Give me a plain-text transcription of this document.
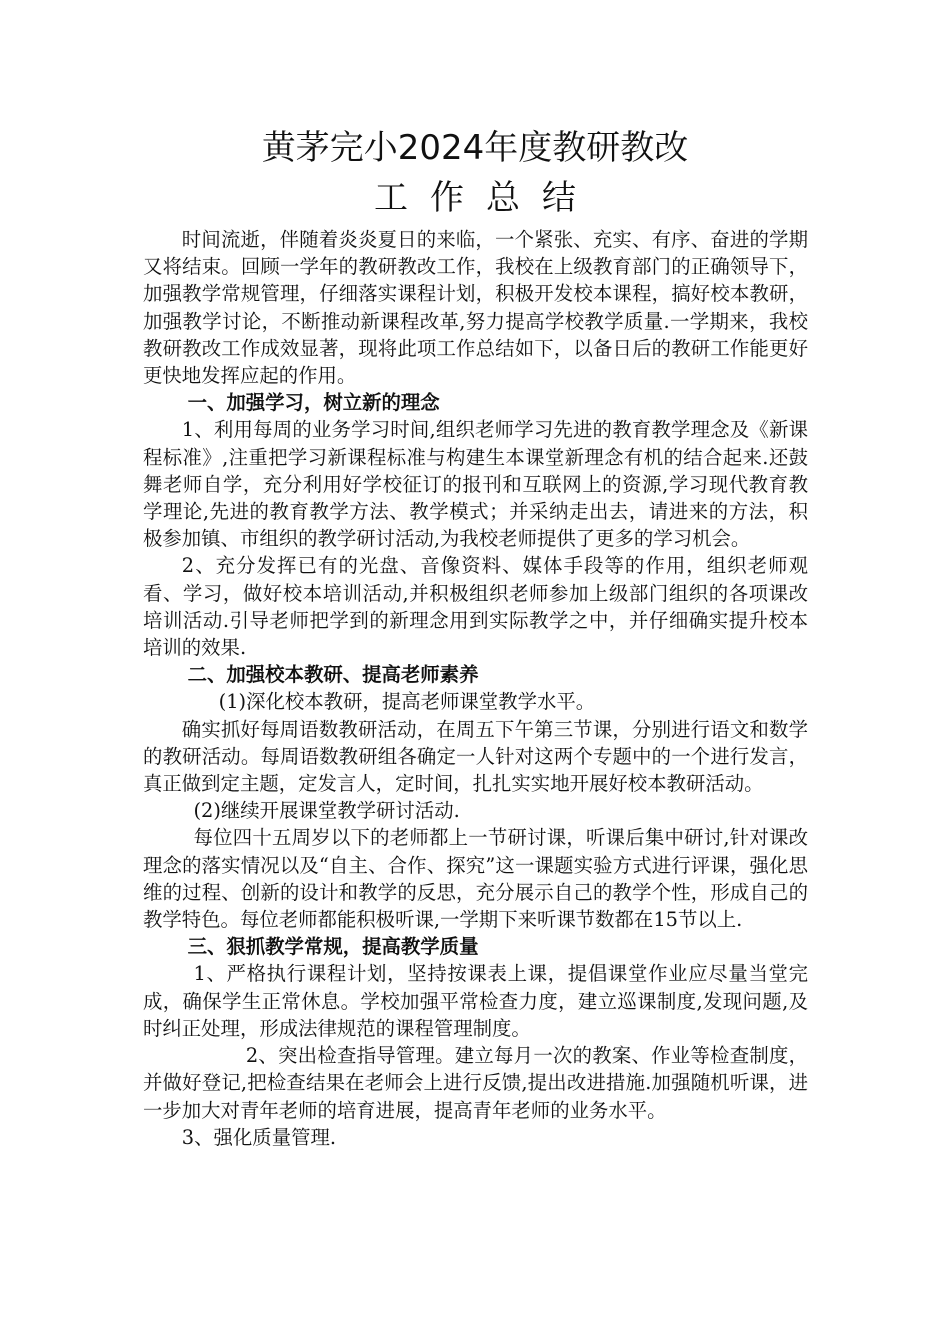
黄茅完小2024年度教研教改
工作总结

时间流逝，伴随着炎炎夏日的来临，一个紧张、充实、有序、奋进的学期又将结束。回顾一学年的教研教改工作，我校在上级教育部门的正确领导下，加强教学常规管理，仔细落实课程计划，积极开发校本课程，搞好校本教研，加强教学讨论，不断推动新课程改革,努力提高学校教学质量.一学期来，我校教研教改工作成效显著，现将此项工作总结如下，以备日后的教研工作能更好更快地发挥应起的作用。

一、加强学习，树立新的理念

1、利用每周的业务学习时间,组织老师学习先进的教育教学理念及《新课程标准》,注重把学习新课程标准与构建生本课堂新理念有机的结合起来.还鼓舞老师自学，充分利用好学校征订的报刊和互联网上的资源,学习现代教育教学理论,先进的教育教学方法、教学模式；并采纳走出去，请进来的方法，积极参加镇、市组织的教学研讨活动,为我校老师提供了更多的学习机会。

2、充分发挥已有的光盘、音像资料、媒体手段等的作用，组织老师观看、学习，做好校本培训活动,并积极组织老师参加上级部门组织的各项课改培训活动.引导老师把学到的新理念用到实际教学之中，并仔细确实提升校本培训的效果.

二、加强校本教研、提高老师素养

(1)深化校本教研，提高老师课堂教学水平。

确实抓好每周语数教研活动，在周五下午第三节课，分别进行语文和数学的教研活动。每周语数教研组各确定一人针对这两个专题中的一个进行发言，真正做到定主题，定发言人，定时间，扎扎实实地开展好校本教研活动。

(2)继续开展课堂教学研讨活动.

每位四十五周岁以下的老师都上一节研讨课，听课后集中研讨,针对课改理念的落实情况以及“自主、合作、探究”这一课题实验方式进行评课，强化思维的过程、创新的设计和教学的反思，充分展示自己的教学个性，形成自己的教学特色。每位老师都能积极听课,一学期下来听课节数都在15节以上.

三、狠抓教学常规，提高教学质量

1、严格执行课程计划，坚持按课表上课，提倡课堂作业应尽量当堂完成，确保学生正常休息。学校加强平常检查力度，建立巡课制度,发现问题,及时纠正处理，形成法律规范的课程管理制度。

2、突出检查指导管理。建立每月一次的教案、作业等检查制度，并做好登记,把检查结果在老师会上进行反馈,提出改进措施.加强随机听课，进一步加大对青年老师的培育进展，提高青年老师的业务水平。

3、强化质量管理.
